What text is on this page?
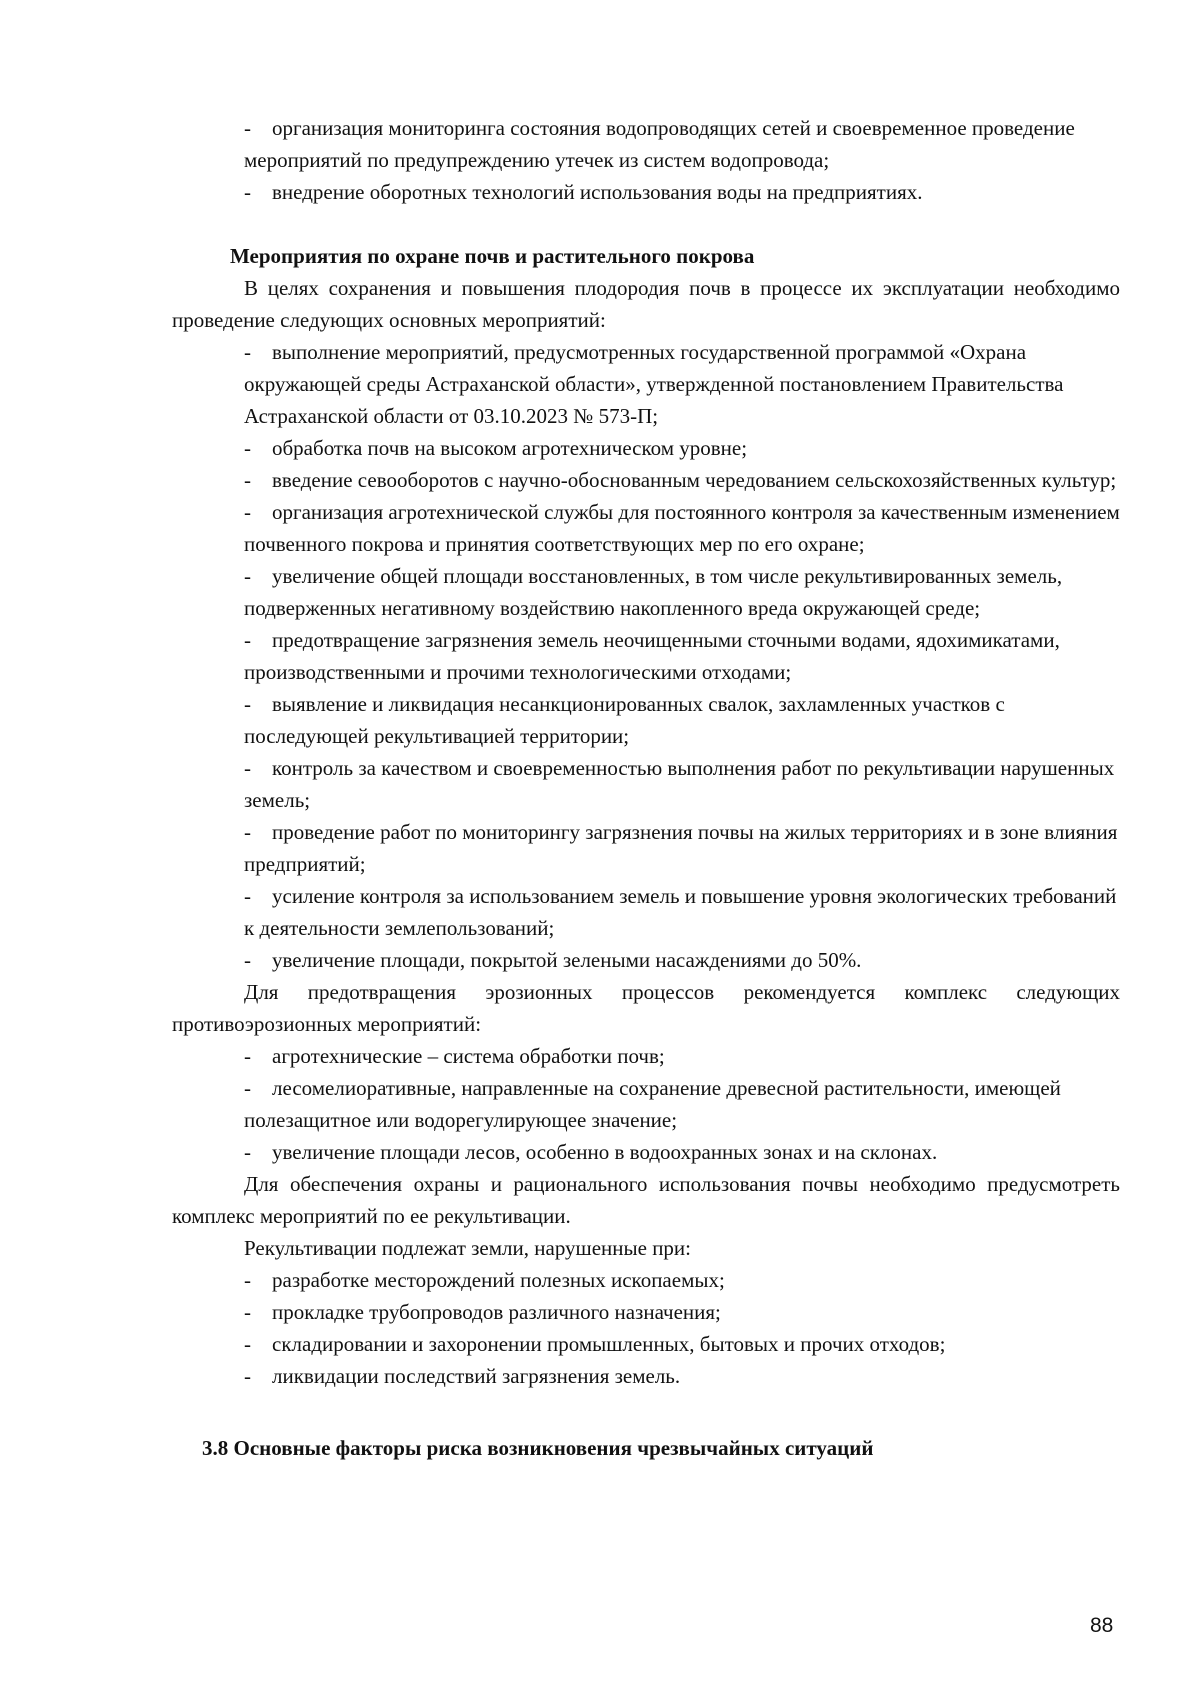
- организация мониторинга состояния водопроводящих сетей и своевременное проведение мероприятий по предупреждению утечек из систем водопровода;

- внедрение оборотных технологий использования воды на предприятиях.

Мероприятия по охране почв и растительного покрова

В целях сохранения и повышения плодородия почв в процессе их эксплуатации необходимо проведение следующих основных мероприятий:

- выполнение мероприятий, предусмотренных государственной программой «Охрана окружающей среды Астраханской области», утвержденной постановлением Правительства Астраханской области от 03.10.2023 № 573-П;

- обработка почв на высоком агротехническом уровне;

- введение севооборотов с научно-обоснованным чередованием сельскохозяйственных культур;

- организация агротехнической службы для постоянного контроля за качественным изменением почвенного покрова и принятия соответствующих мер по его охране;

- увеличение общей площади восстановленных, в том числе рекультивированных земель, подверженных негативному воздействию накопленного вреда окружающей среде;

- предотвращение загрязнения земель неочищенными сточными водами, ядохимикатами, производственными и прочими технологическими отходами;

- выявление и ликвидация несанкционированных свалок, захламленных участков с последующей рекультивацией территории;

- контроль за качеством и своевременностью выполнения работ по рекультивации нарушенных земель;

- проведение работ по мониторингу загрязнения почвы на жилых территориях и в зоне влияния предприятий;

- усиление контроля за использованием земель и повышение уровня экологических требований к деятельности землепользований;

- увеличение площади, покрытой зелеными насаждениями до 50%.

Для предотвращения эрозионных процессов рекомендуется комплекс следующих противоэрозионных мероприятий:

- агротехнические – система обработки почв;

- лесомелиоративные, направленные на сохранение древесной растительности, имеющей полезащитное или водорегулирующее значение;

- увеличение площади лесов, особенно в водоохранных зонах и на склонах.

Для обеспечения охраны и рационального использования почвы необходимо предусмотреть комплекс мероприятий по ее рекультивации.

Рекультивации подлежат земли, нарушенные при:

- разработке месторождений полезных ископаемых;

- прокладке трубопроводов различного назначения;

- складировании и захоронении промышленных, бытовых и прочих отходов;

- ликвидации последствий загрязнения земель.

3.8 Основные факторы риска возникновения чрезвычайных ситуаций

88
